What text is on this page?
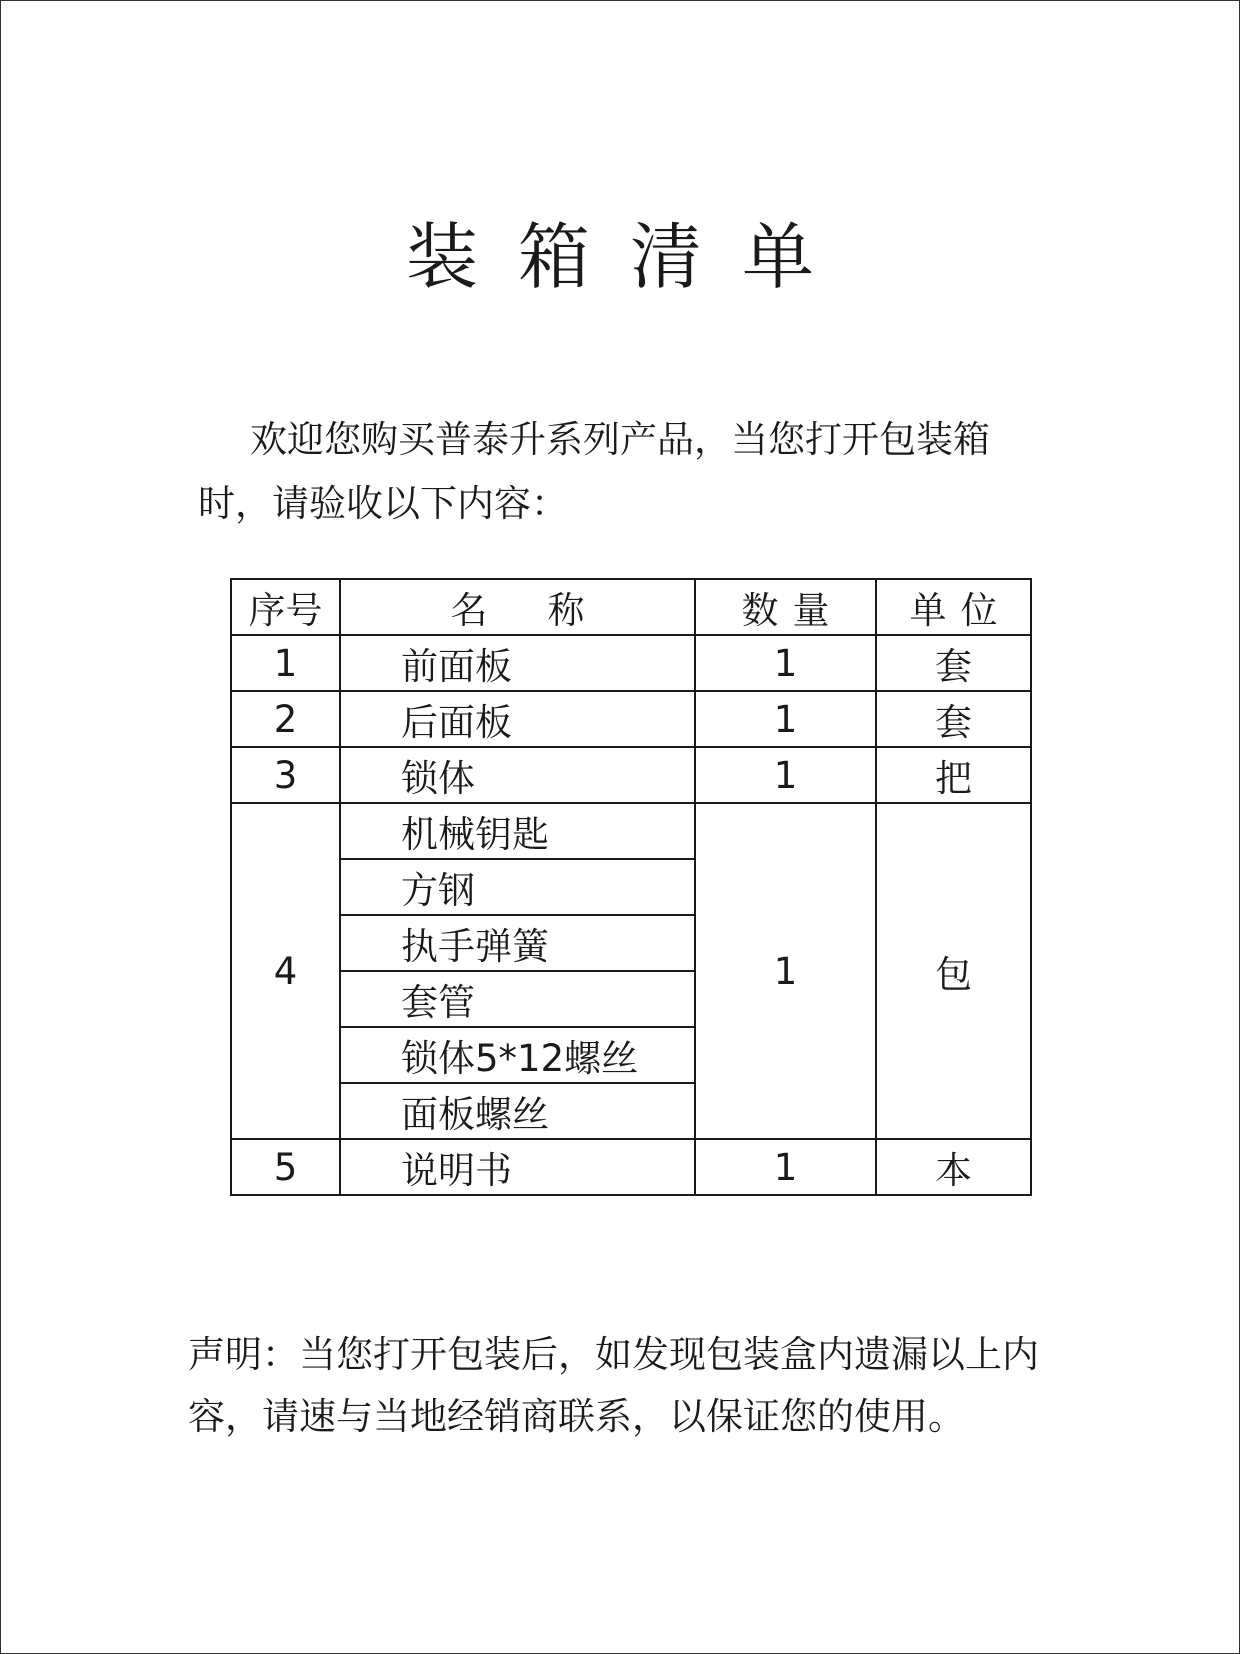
装箱清单
欢迎您购买普泰升系列产品，当您打开包装箱时，请验收以下内容：
序号	名称	数量	单位
1	前面板	1	套
2	后面板	1	套
3	锁体	1	把
4	机械钥匙	1	包
	方钢		
	执手弹簧		
	套管		
	锁体5*12螺丝		
	面板螺丝		
5	说明书	1	本
声明：当您打开包装后，如发现包装盒内遗漏以上内容，请速与当地经销商联系，以保证您的使用。
